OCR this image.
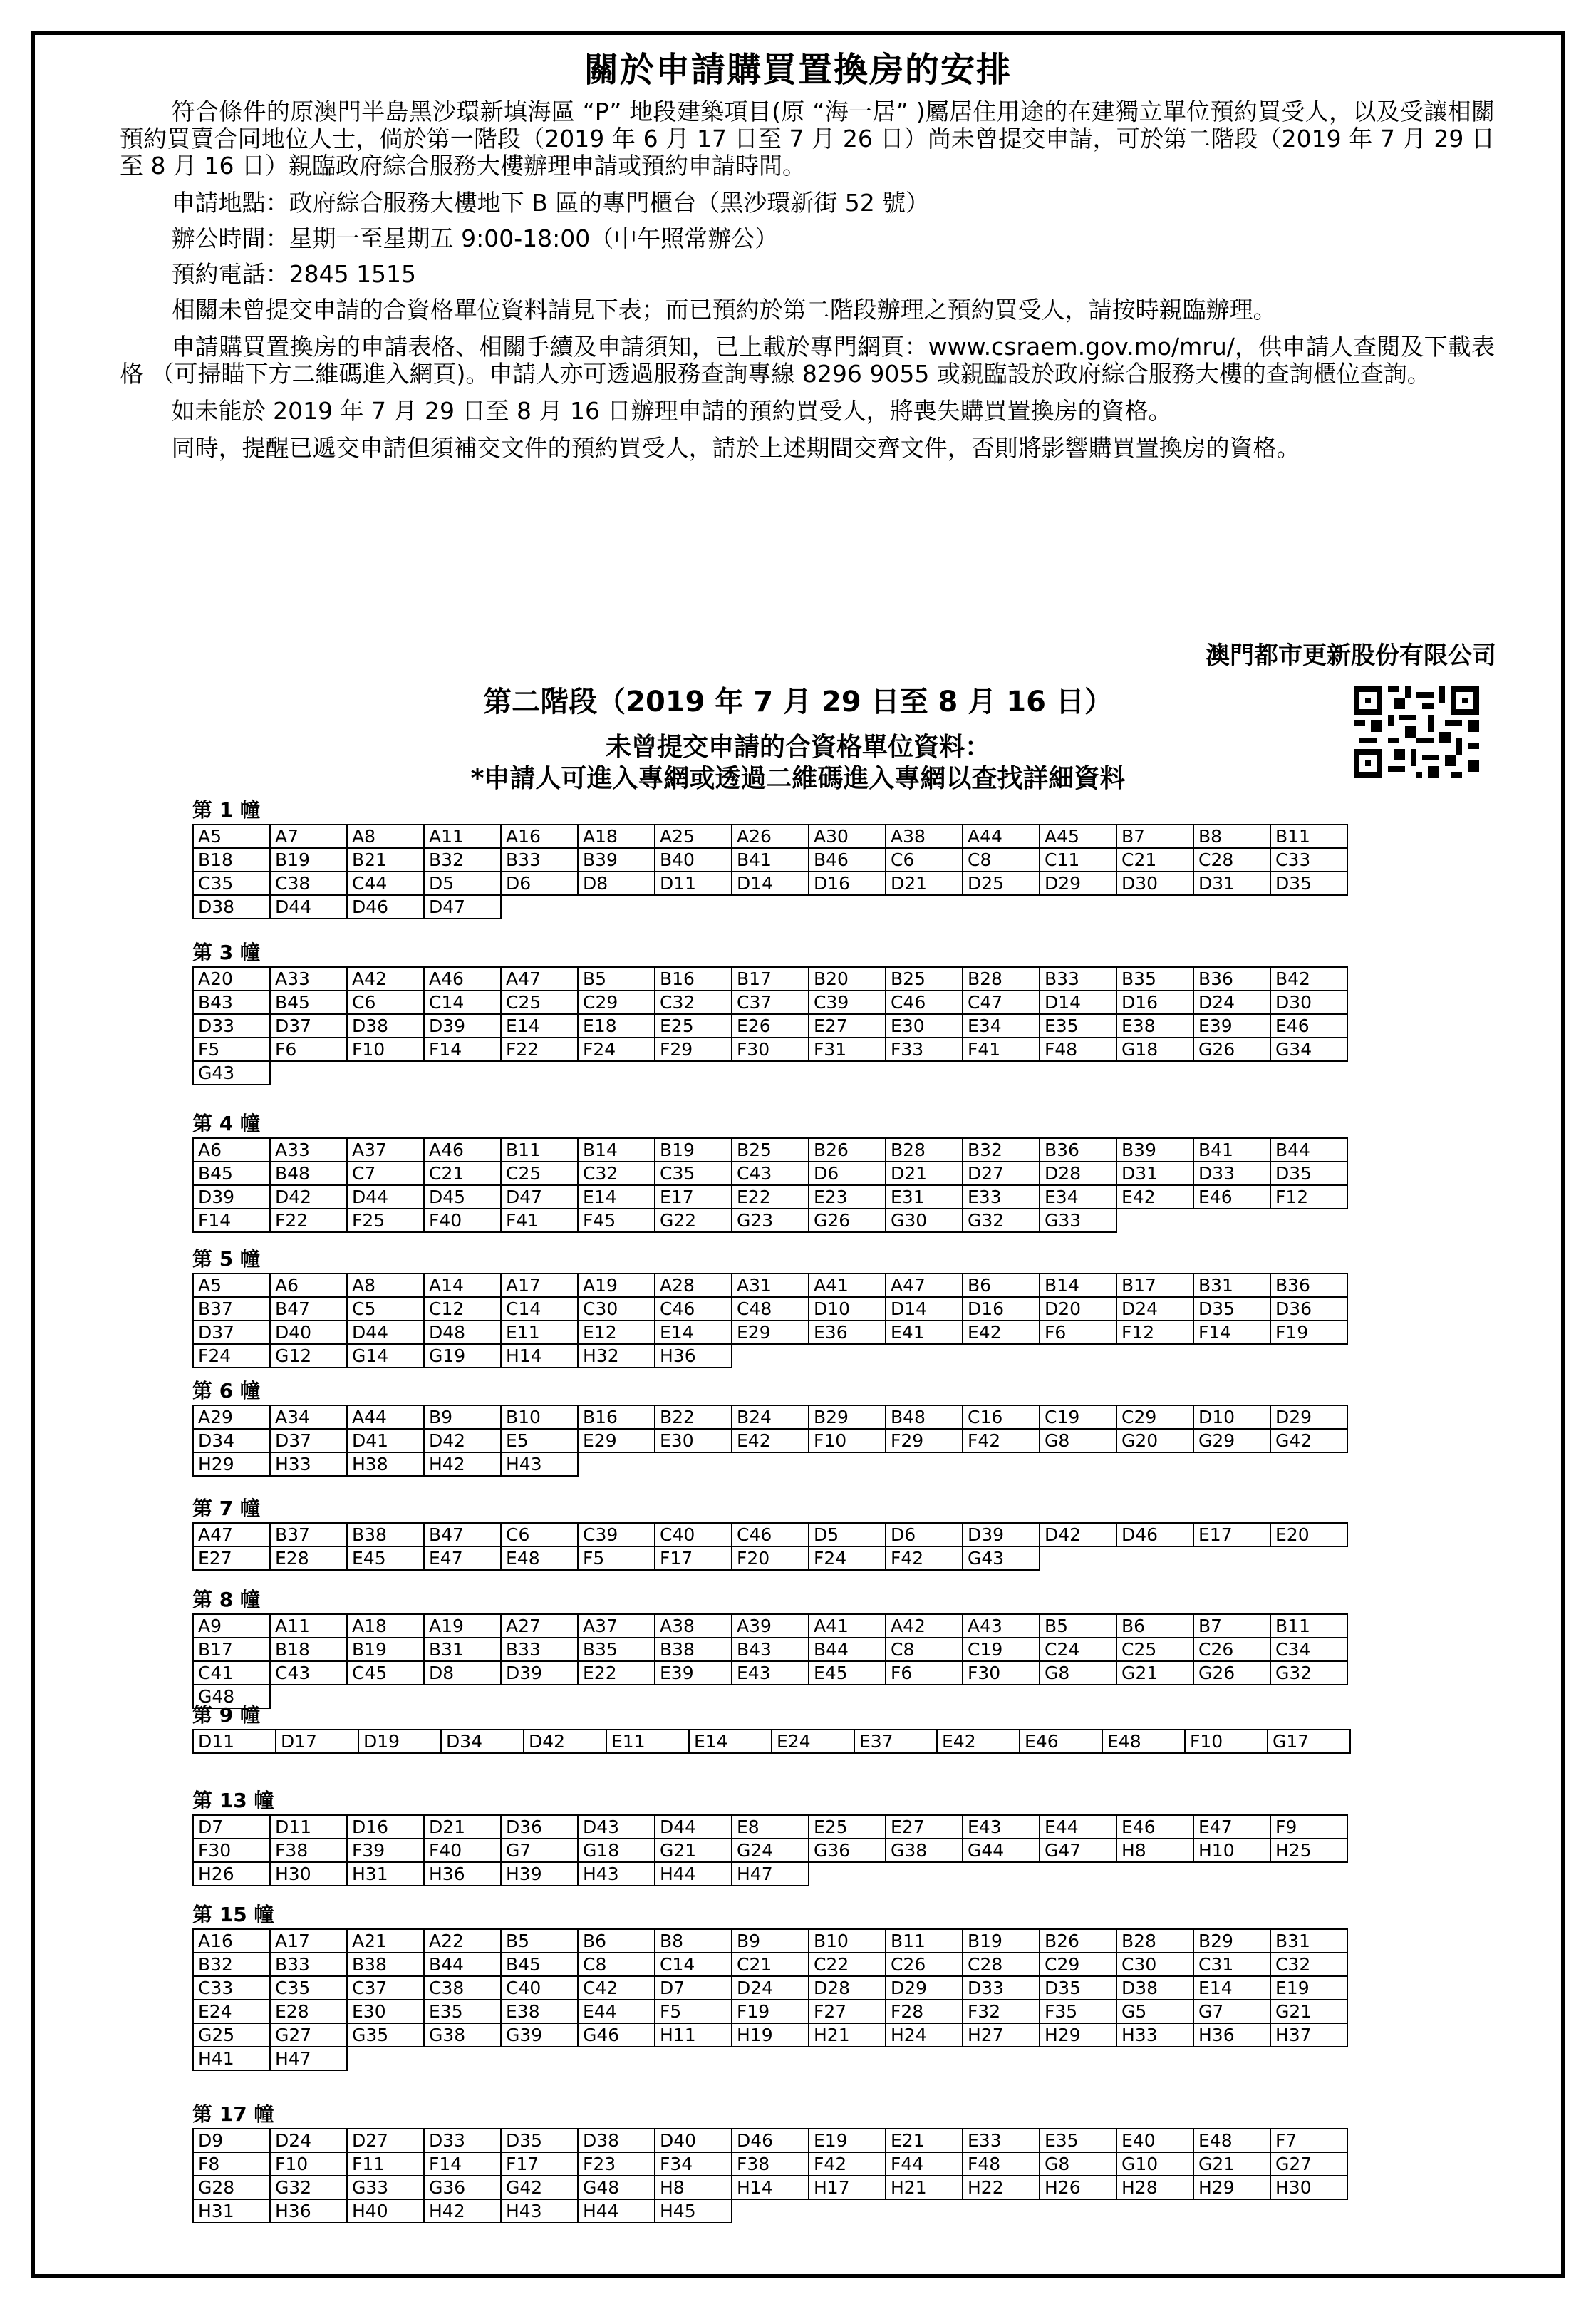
關於申請購買置換房的安排

符合條件的原澳門半島黑沙環新填海區 “P” 地段建築項目(原 “海一居” )屬居住用途的在建獨立單位預約買受人，以及受讓相關預約買賣合同地位人士，倘於第一階段（2019 年 6 月 17 日至 7 月 26 日）尚未曾提交申請，可於第二階段（2019 年 7 月 29 日至 8 月 16 日）親臨政府綜合服務大樓辦理申請或預約申請時間。

申請地點：政府綜合服務大樓地下 B 區的專門櫃台（黑沙環新街 52 號）

辦公時間：星期一至星期五 9:00-18:00（中午照常辦公）

預約電話：2845 1515

相關未曾提交申請的合資格單位資料請見下表；而已預約於第二階段辦理之預約買受人，請按時親臨辦理。

申請購買置換房的申請表格、相關手續及申請須知，已上載於專門網頁：www.csraem.gov.mo/mru/，供申請人查閱及下載表格 （可掃瞄下方二維碼進入網頁)。申請人亦可透過服務查詢專線 8296 9055 或親臨設於政府綜合服務大樓的查詢櫃位查詢。

如未能於 2019 年 7 月 29 日至 8 月 16 日辦理申請的預約買受人，將喪失購買置換房的資格。

同時，提醒已遞交申請但須補交文件的預約買受人，請於上述期間交齊文件，否則將影響購買置換房的資格。

澳門都市更新股份有限公司
第二階段（2019 年 7 月 29 日至 8 月 16 日）
未曾提交申請的合資格單位資料：
*申請人可進入專網或透過二維碼進入專網以查找詳細資料
第 1 幢
A5	A7	A8	A11	A16	A18	A25	A26	A30	A38	A44	A45	B7	B8	B11
B18	B19	B21	B32	B33	B39	B40	B41	B46	C6	C8	C11	C21	C28	C33
C35	C38	C44	D5	D6	D8	D11	D14	D16	D21	D25	D29	D30	D31	D35
D38	D44	D46	D47											
第 3 幢
A20	A33	A42	A46	A47	B5	B16	B17	B20	B25	B28	B33	B35	B36	B42
B43	B45	C6	C14	C25	C29	C32	C37	C39	C46	C47	D14	D16	D24	D30
D33	D37	D38	D39	E14	E18	E25	E26	E27	E30	E34	E35	E38	E39	E46
F5	F6	F10	F14	F22	F24	F29	F30	F31	F33	F41	F48	G18	G26	G34
G43														
第 4 幢
A6	A33	A37	A46	B11	B14	B19	B25	B26	B28	B32	B36	B39	B41	B44
B45	B48	C7	C21	C25	C32	C35	C43	D6	D21	D27	D28	D31	D33	D35
D39	D42	D44	D45	D47	E14	E17	E22	E23	E31	E33	E34	E42	E46	F12
F14	F22	F25	F40	F41	F45	G22	G23	G26	G30	G32	G33			
第 5 幢
A5	A6	A8	A14	A17	A19	A28	A31	A41	A47	B6	B14	B17	B31	B36
B37	B47	C5	C12	C14	C30	C46	C48	D10	D14	D16	D20	D24	D35	D36
D37	D40	D44	D48	E11	E12	E14	E29	E36	E41	E42	F6	F12	F14	F19
F24	G12	G14	G19	H14	H32	H36								
第 6 幢
A29	A34	A44	B9	B10	B16	B22	B24	B29	B48	C16	C19	C29	D10	D29
D34	D37	D41	D42	E5	E29	E30	E42	F10	F29	F42	G8	G20	G29	G42
H29	H33	H38	H42	H43										
第 7 幢
A47	B37	B38	B47	C6	C39	C40	C46	D5	D6	D39	D42	D46	E17	E20
E27	E28	E45	E47	E48	F5	F17	F20	F24	F42	G43				
第 8 幢
A9	A11	A18	A19	A27	A37	A38	A39	A41	A42	A43	B5	B6	B7	B11
B17	B18	B19	B31	B33	B35	B38	B43	B44	C8	C19	C24	C25	C26	C34
C41	C43	C45	D8	D39	E22	E39	E43	E45	F6	F30	G8	G21	G26	G32
G48														
第 9 幢
D11	D17	D19	D34	D42	E11	E14	E24	E37	E42	E46	E48	F10	G17
第 13 幢
D7	D11	D16	D21	D36	D43	D44	E8	E25	E27	E43	E44	E46	E47	F9
F30	F38	F39	F40	G7	G18	G21	G24	G36	G38	G44	G47	H8	H10	H25
H26	H30	H31	H36	H39	H43	H44	H47							
第 15 幢
A16	A17	A21	A22	B5	B6	B8	B9	B10	B11	B19	B26	B28	B29	B31
B32	B33	B38	B44	B45	C8	C14	C21	C22	C26	C28	C29	C30	C31	C32
C33	C35	C37	C38	C40	C42	D7	D24	D28	D29	D33	D35	D38	E14	E19
E24	E28	E30	E35	E38	E44	F5	F19	F27	F28	F32	F35	G5	G7	G21
G25	G27	G35	G38	G39	G46	H11	H19	H21	H24	H27	H29	H33	H36	H37
H41	H47													
第 17 幢
D9	D24	D27	D33	D35	D38	D40	D46	E19	E21	E33	E35	E40	E48	F7
F8	F10	F11	F14	F17	F23	F34	F38	F42	F44	F48	G8	G10	G21	G27
G28	G32	G33	G36	G42	G48	H8	H14	H17	H21	H22	H26	H28	H29	H30
H31	H36	H40	H42	H43	H44	H45								
